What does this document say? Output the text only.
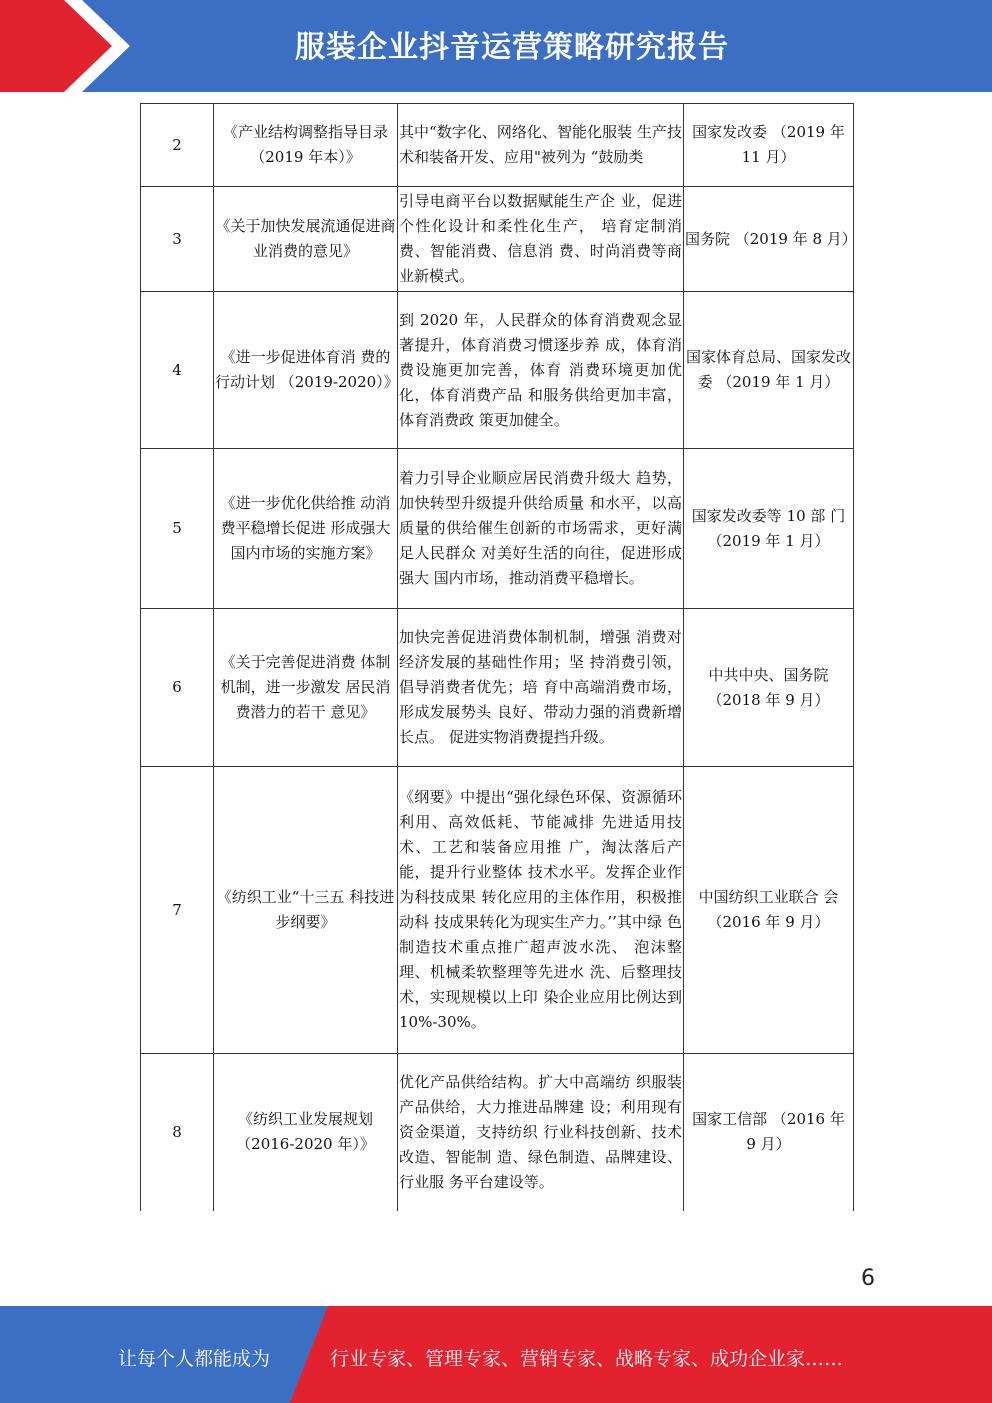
服装企业抖音运营策略研究报告
2	《产业结构调整指导目录（2019 年本）》	其中“数字化、网络化、智能化服装 生产技术和装备开发、应用"被列为 “鼓励类	国家发改委 （2019 年 11 月）
3	《关于加快发展流通促进商业消费的意见》	引导电商平台以数据赋能生产企 业，促进个性化设计和柔性化生产， 培育定制消费、智能消费、信息消 费、时尚消费等商业新模式。	国务院 （2019 年 8 月）
4	《进一步促进体育消 费的行动计划 （2019-2020）》	到 2020 年，人民群众的体育消费观念显著提升，体育消费习惯逐步养 成，体育消费设施更加完善，体育 消费环境更加优化，体育消费产品 和服务供给更加丰富，体育消费政 策更加健全。	国家体育总局、国家发改委 （2019 年 1 月）
5	《进一步优化供给推 动消费平稳增长促进 形成强大国内市场的实施方案》	着力引导企业顺应居民消费升级大 趋势，加快转型升级提升供给质量 和水平，以高质量的供给催生创新的市场需求，更好满足人民群众 对美好生活的向往，促进形成强大 国内市场，推动消费平稳增长。	国家发改委等 10 部 门 （2019 年 1 月）
6	《关于完善促进消费 体制机制，进一步激发 居民消费潜力的若干 意见》	加快完善促进消费体制机制，增强 消费对经济发展的基础性作用；坚 持消费引领，倡导消费者优先；培 育中高端消费市场，形成发展势头 良好、带动力强的消费新增长点。 促进实物消费提挡升级。	中共中央、国务院 （2018 年 9 月）
7	《纺织工业“十三五 科技进步纲要》	《纲要》中提出“强化绿色环保、资源循环利用、高效低耗、节能减排 先进适用技术、工艺和装备应用推 广，淘汰落后产能，提升行业整体 技术水平。发挥企业作为科技成果 转化应用的主体作用，积极推动科 技成果转化为现实生产力。’’其中绿 色制造技术重点推广超声波水洗、 泡沫整理、机械柔软整理等先进水 洗、后整理技术，实现规模以上印 染企业应用比例达到 10%-30%。	中国纺织工业联合 会 （2016 年 9 月）
8	《纺织工业发展规划 （2016-2020 年）》	优化产品供给结构。扩大中高端纺 织服装产品供给，大力推进品牌建 设；利用现有资金渠道，支持纺织 行业科技创新、技术改造、智能制 造、绿色制造、品牌建设、行业服 务平台建设等。	国家工信部 （2016 年 9 月）
6
让每个人都能成为	行业专家、管理专家、营销专家、战略专家、成功企业家……
